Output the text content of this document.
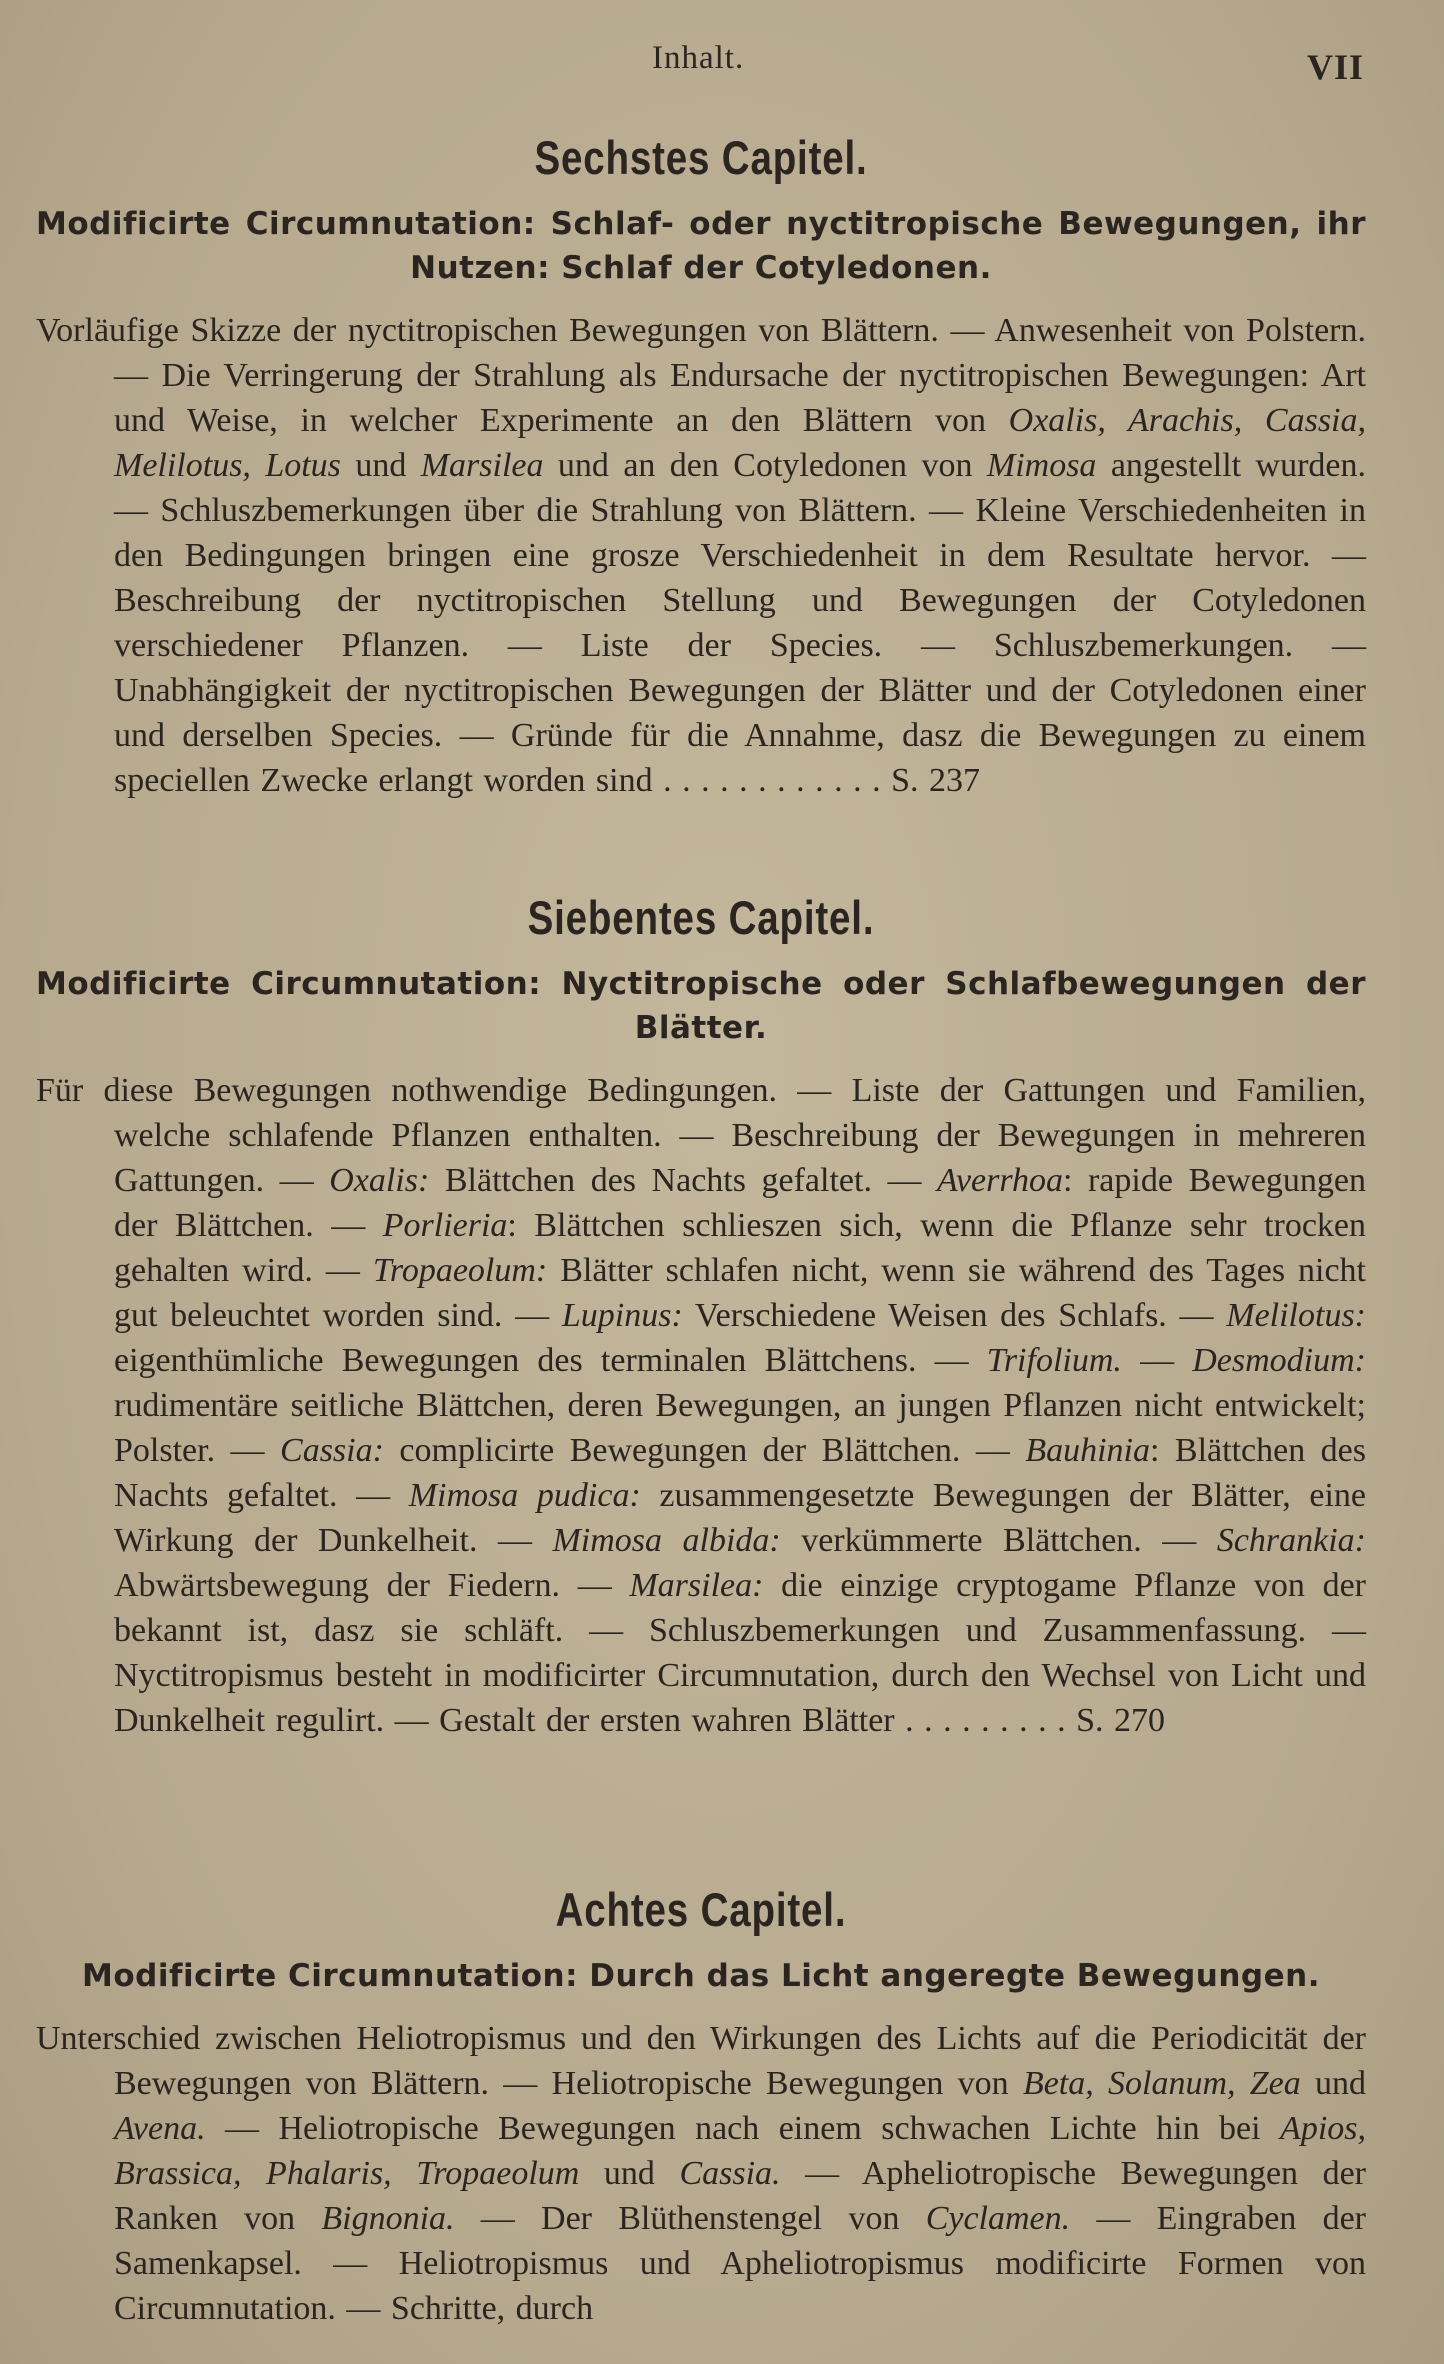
Inhalt.	VII
Sechstes Capitel.
Modificirte Circumnutation: Schlaf- oder nyctitropische Bewegungen, ihr Nutzen: Schlaf der Cotyledonen.

Vorläufige Skizze der nyctitropischen Bewegungen von Blättern. — Anwesenheit von Polstern. — Die Verringerung der Strahlung als Endursache der nyctitropischen Bewegungen: Art und Weise, in welcher Experimente an den Blättern von Oxalis, Arachis, Cassia, Melilotus, Lotus und Marsilea und an den Cotyledonen von Mimosa angestellt wurden. — Schluszbemerkungen über die Strahlung von Blättern. — Kleine Verschiedenheiten in den Bedingungen bringen eine grosze Verschiedenheit in dem Resultate hervor. — Beschreibung der nyctitropischen Stellung und Bewegungen der Cotyledonen verschiedener Pflanzen. — Liste der Species. — Schluszbemerkungen. — Unabhängigkeit der nyctitropischen Bewegungen der Blätter und der Cotyledonen einer und derselben Species. — Gründe für die Annahme, dasz die Bewegungen zu einem speciellen Zwecke erlangt worden sind . . . . . . . . . . . . S. 237

Siebentes Capitel.
Modificirte Circumnutation: Nyctitropische oder Schlafbewegungen der Blätter.

Für diese Bewegungen nothwendige Bedingungen. — Liste der Gattungen und Familien, welche schlafende Pflanzen enthalten. — Beschreibung der Bewegungen in mehreren Gattungen. — Oxalis: Blättchen des Nachts gefaltet. — Averrhoa: rapide Bewegungen der Blättchen. — Porlieria: Blättchen schlieszen sich, wenn die Pflanze sehr trocken gehalten wird. — Tropaeolum: Blätter schlafen nicht, wenn sie während des Tages nicht gut beleuchtet worden sind. — Lupinus: Verschiedene Weisen des Schlafs. — Melilotus: eigenthümliche Bewegungen des terminalen Blättchens. — Trifolium. — Desmodium: rudimentäre seitliche Blättchen, deren Bewegungen, an jungen Pflanzen nicht entwickelt; Polster. — Cassia: complicirte Bewegungen der Blättchen. — Bauhinia: Blättchen des Nachts gefaltet. — Mimosa pudica: zusammengesetzte Bewegungen der Blätter, eine Wirkung der Dunkelheit. — Mimosa albida: verkümmerte Blättchen. — Schrankia: Abwärtsbewegung der Fiedern. — Marsilea: die einzige cryptogame Pflanze von der bekannt ist, dasz sie schläft. — Schluszbemerkungen und Zusammenfassung. — Nyctitropismus besteht in modificirter Circumnutation, durch den Wechsel von Licht und Dunkelheit regulirt. — Gestalt der ersten wahren Blätter . . . . . . . . . S. 270

Achtes Capitel.
Modificirte Circumnutation: Durch das Licht angeregte Bewegungen.

Unterschied zwischen Heliotropismus und den Wirkungen des Lichts auf die Periodicität der Bewegungen von Blättern. — Heliotropische Bewegungen von Beta, Solanum, Zea und Avena. — Heliotropische Bewegungen nach einem schwachen Lichte hin bei Apios, Brassica, Phalaris, Tropaeolum und Cassia. — Apheliotropische Bewegungen der Ranken von Bignonia. — Der Blüthenstengel von Cyclamen. — Eingraben der Samenkapsel. — Heliotropismus und Apheliotropismus modificirte Formen von Circumnutation. — Schritte, durch
